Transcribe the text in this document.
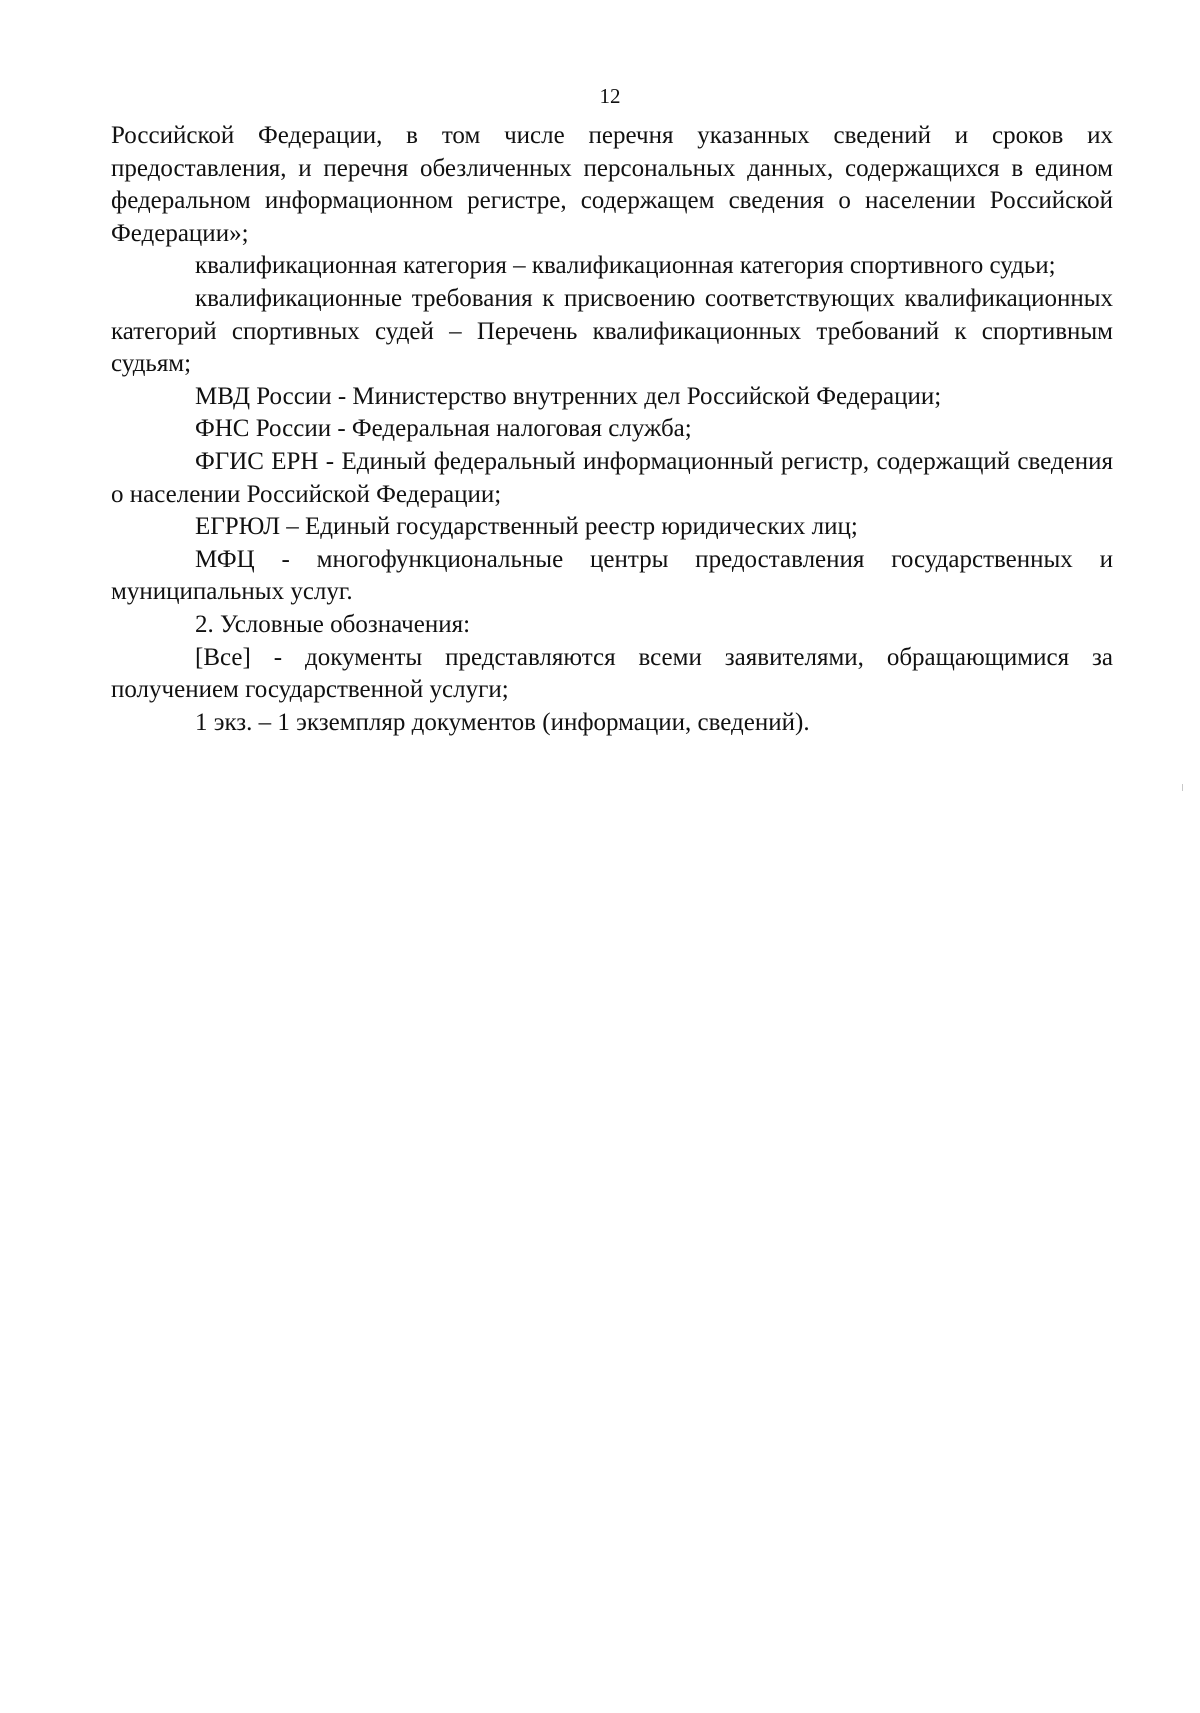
12

Российской Федерации, в том числе перечня указанных сведений и сроков их предоставления, и перечня обезличенных персональных данных, содержащихся в едином федеральном информационном регистре, содержащем сведения о населении Российской Федерации»;

квалификационная категория – квалификационная категория спортивного судьи;

квалификационные требования к присвоению соответствующих квалификационных категорий спортивных судей – Перечень квалификационных требований к спортивным судьям;

МВД России - Министерство внутренних дел Российской Федерации;

ФНС России - Федеральная налоговая служба;

ФГИС ЕРН - Единый федеральный информационный регистр, содержащий сведения о населении Российской Федерации;

ЕГРЮЛ – Единый государственный реестр юридических лиц;

МФЦ - многофункциональные центры предоставления государственных и муниципальных услуг.

2. Условные обозначения:

[Все] - документы представляются всеми заявителями, обращающимися за получением государственной услуги;

1 экз. – 1 экземпляр документов (информации, сведений).
